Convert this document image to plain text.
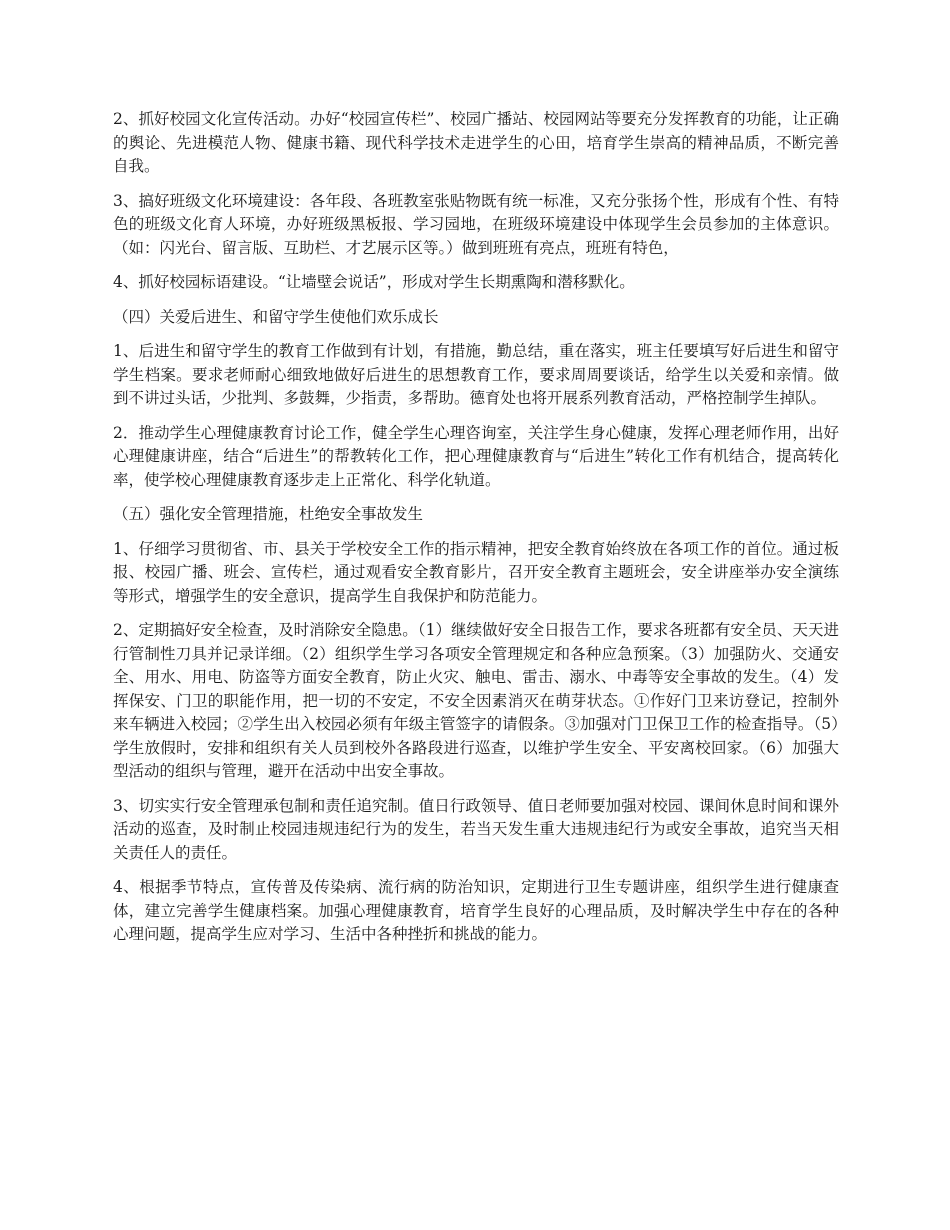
2、抓好校园文化宣传活动。办好“校园宣传栏”、校园广播站、校园网站等要充分发挥教育的功能，让正确的舆论、先进模范人物、健康书籍、现代科学技术走进学生的心田，培育学生崇高的精神品质，不断完善自我。

3、搞好班级文化环境建设：各年段、各班教室张贴物既有统一标准，又充分张扬个性，形成有个性、有特色的班级文化育人环境，办好班级黑板报、学习园地，在班级环境建设中体现学生会员参加的主体意识。（如：闪光台、留言版、互助栏、才艺展示区等。）做到班班有亮点，班班有特色，

4、抓好校园标语建设。“让墙壁会说话”，形成对学生长期熏陶和潜移默化。

（四）关爱后进生、和留守学生使他们欢乐成长

1、后进生和留守学生的教育工作做到有计划，有措施，勤总结，重在落实，班主任要填写好后进生和留守学生档案。要求老师耐心细致地做好后进生的思想教育工作，要求周周要谈话，给学生以关爱和亲情。做到不讲过头话，少批判、多鼓舞，少指责，多帮助。德育处也将开展系列教育活动，严格控制学生掉队。

2．推动学生心理健康教育讨论工作，健全学生心理咨询室，关注学生身心健康，发挥心理老师作用，出好心理健康讲座，结合“后进生”的帮教转化工作，把心理健康教育与“后进生”转化工作有机结合，提高转化率，使学校心理健康教育逐步走上正常化、科学化轨道。

（五）强化安全管理措施，杜绝安全事故发生

1、仔细学习贯彻省、市、县关于学校安全工作的指示精神，把安全教育始终放在各项工作的首位。通过板报、校园广播、班会、宣传栏，通过观看安全教育影片，召开安全教育主题班会，安全讲座举办安全演练等形式，增强学生的安全意识，提高学生自我保护和防范能力。

2、定期搞好安全检查，及时消除安全隐患。（1）继续做好安全日报告工作，要求各班都有安全员、天天进行管制性刀具并记录详细。（2）组织学生学习各项安全管理规定和各种应急预案。（3）加强防火、交通安全、用水、用电、防盗等方面安全教育，防止火灾、触电、雷击、溺水、中毒等安全事故的发生。（4）发挥保安、门卫的职能作用，把一切的不安定，不安全因素消灭在萌芽状态。①作好门卫来访登记，控制外来车辆进入校园；②学生出入校园必须有年级主管签字的请假条。③加强对门卫保卫工作的检查指导。（5）学生放假时，安排和组织有关人员到校外各路段进行巡查，以维护学生安全、平安离校回家。（6）加强大型活动的组织与管理，避开在活动中出安全事故。

3、切实实行安全管理承包制和责任追究制。值日行政领导、值日老师要加强对校园、课间休息时间和课外活动的巡查，及时制止校园违规违纪行为的发生，若当天发生重大违规违纪行为或安全事故，追究当天相关责任人的责任。

4、根据季节特点，宣传普及传染病、流行病的防治知识，定期进行卫生专题讲座，组织学生进行健康查体，建立完善学生健康档案。加强心理健康教育，培育学生良好的心理品质，及时解决学生中存在的各种心理问题，提高学生应对学习、生活中各种挫折和挑战的能力。
